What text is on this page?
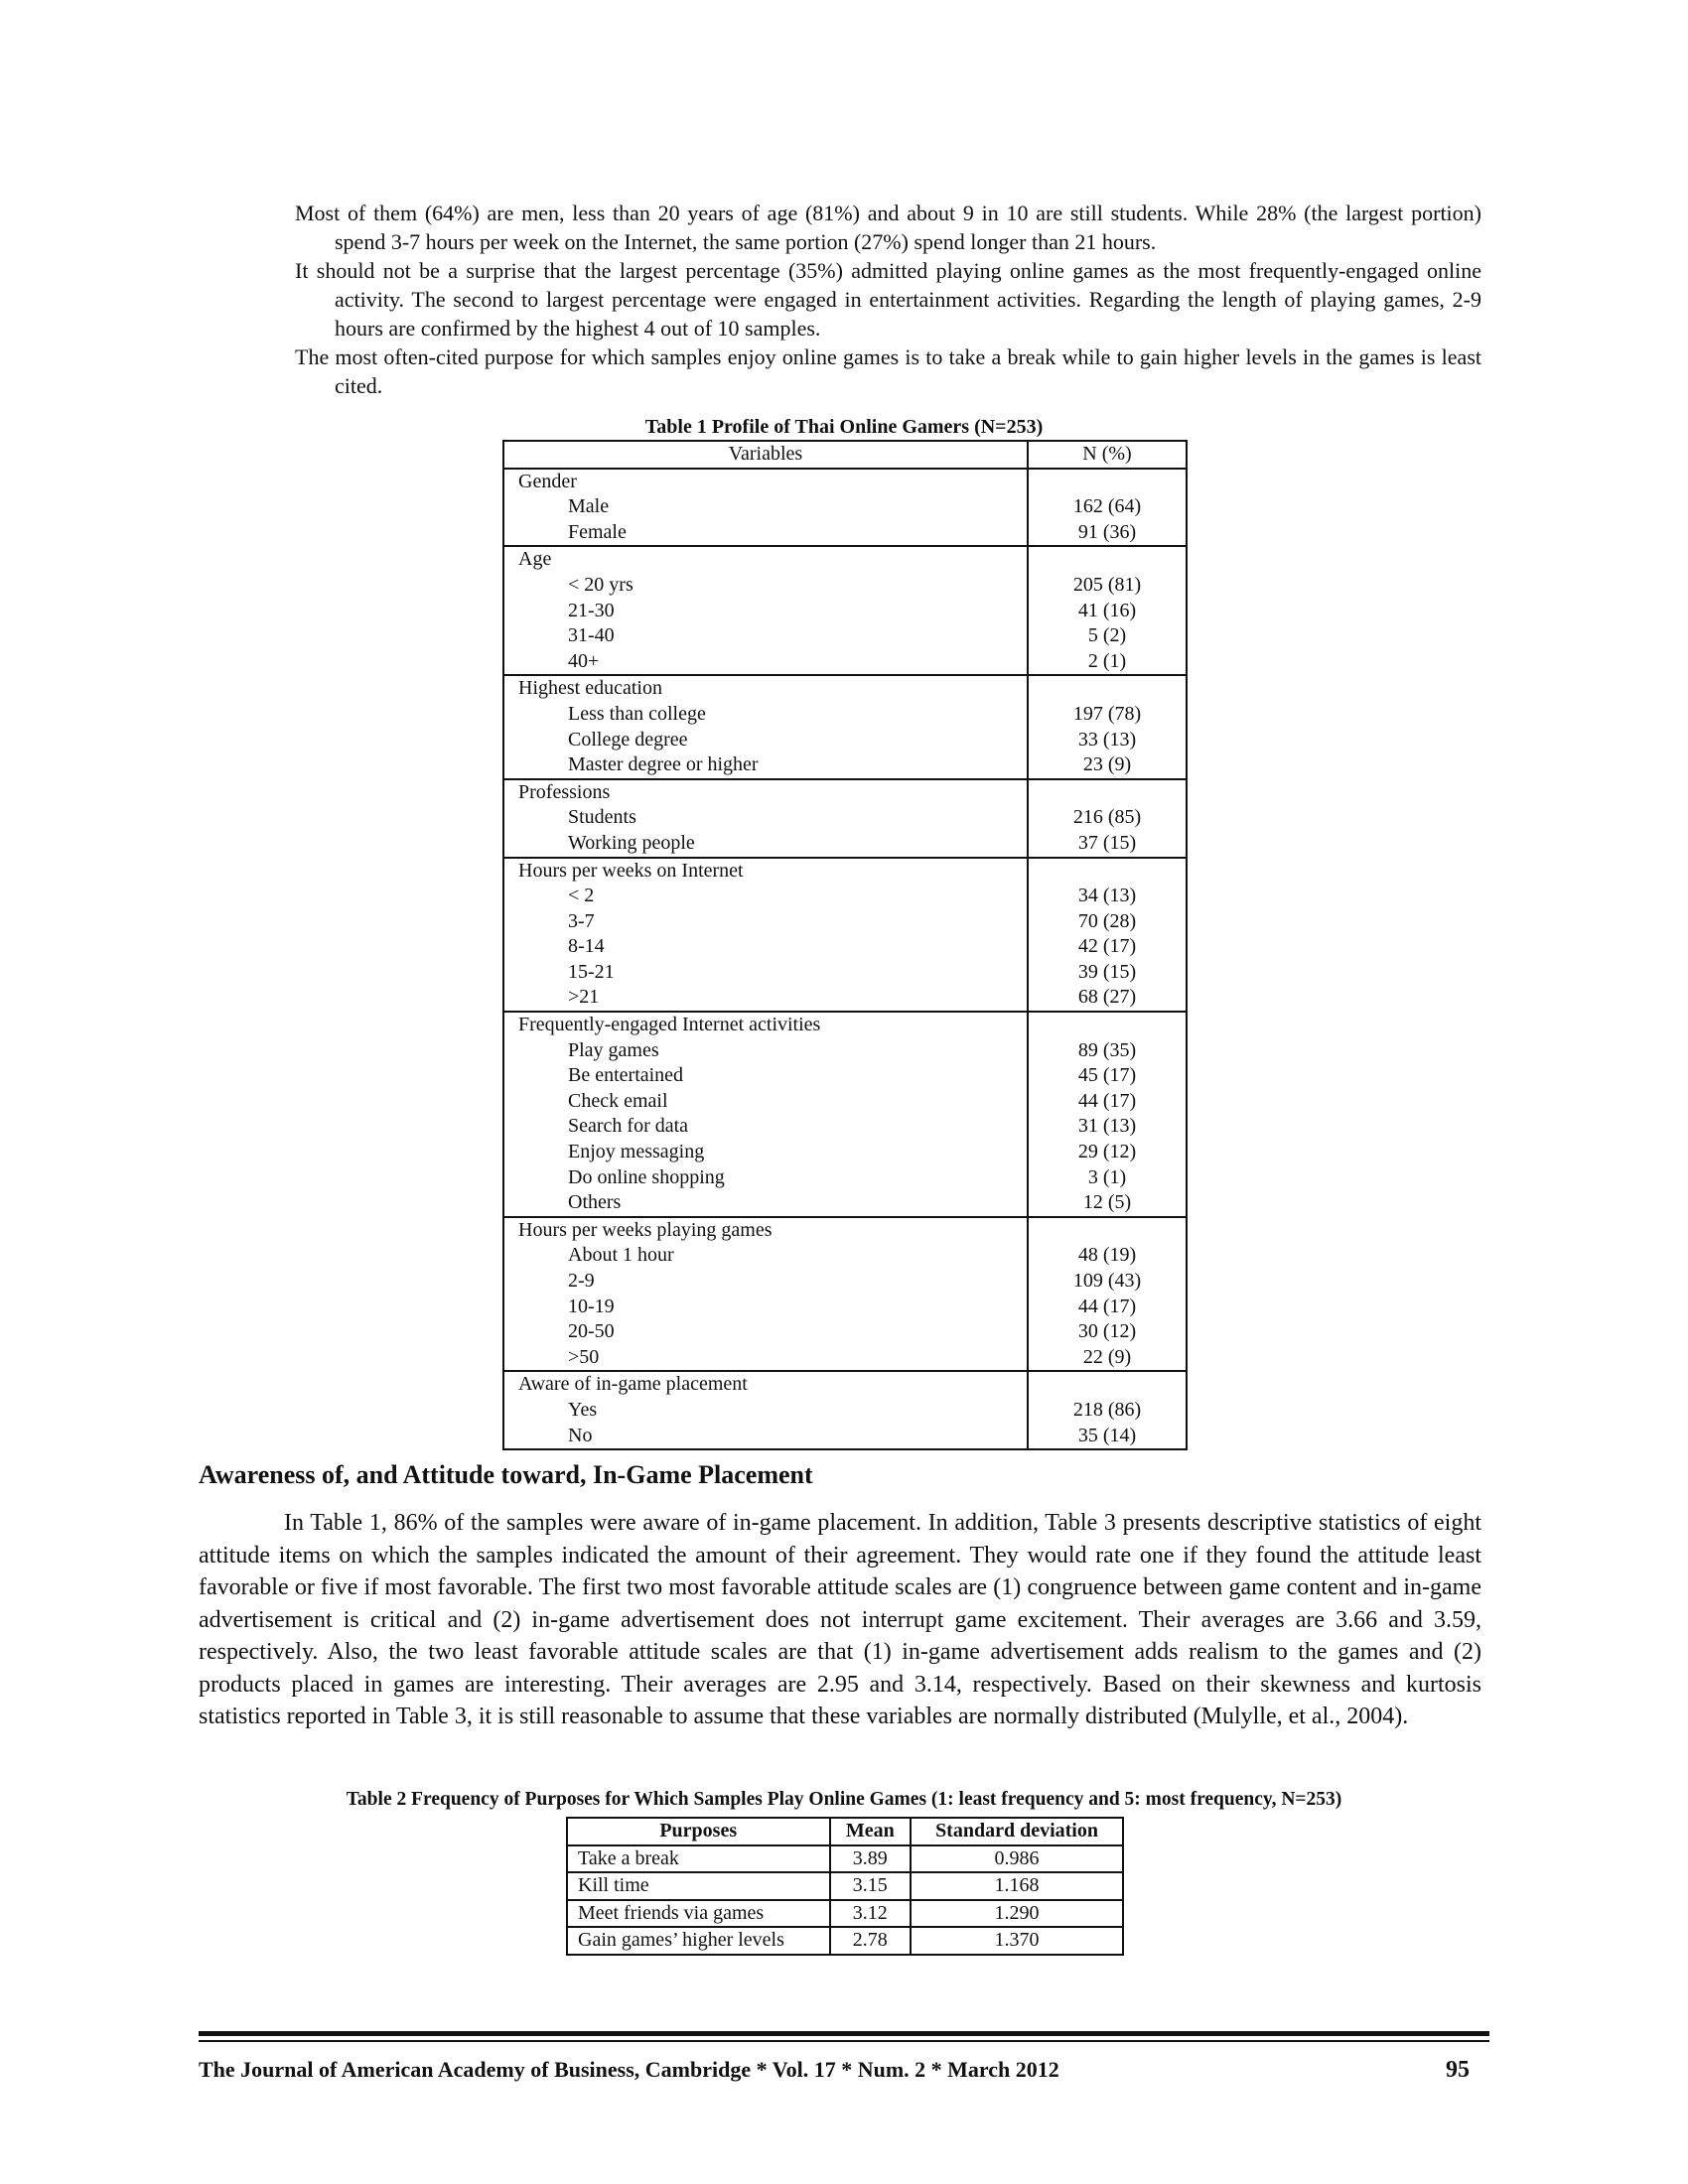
Most of them (64%) are men, less than 20 years of age (81%) and about 9 in 10 are still students. While 28% (the largest portion) spend 3-7 hours per week on the Internet, the same portion (27%) spend longer than 21 hours.

It should not be a surprise that the largest percentage (35%) admitted playing online games as the most frequently-engaged online activity. The second to largest percentage were engaged in entertainment activities. Regarding the length of playing games, 2-9 hours are confirmed by the highest 4 out of 10 samples.

The most often-cited purpose for which samples enjoy online games is to take a break while to gain higher levels in the games is least cited.

Table 1 Profile of Thai Online Gamers (N=253)
Variables	N (%)
Gender	
Male	162 (64)
Female	91 (36)
Age	
< 20 yrs	205 (81)
21-30	41 (16)
31-40	5 (2)
40+	2 (1)
Highest education	
Less than college	197 (78)
College degree	33 (13)
Master degree or higher	23 (9)
Professions	
Students	216 (85)
Working people	37 (15)
Hours per weeks on Internet	
< 2	34 (13)
3-7	70 (28)
8-14	42 (17)
15-21	39 (15)
>21	68 (27)
Frequently-engaged Internet activities	
Play games	89 (35)
Be entertained	45 (17)
Check email	44 (17)
Search for data	31 (13)
Enjoy messaging	29 (12)
Do online shopping	3 (1)
Others	12 (5)
Hours per weeks playing games	
About 1 hour	48 (19)
2-9	109 (43)
10-19	44 (17)
20-50	30 (12)
>50	22 (9)
Aware of in-game placement	
Yes	218 (86)
No	35 (14)
Awareness of, and Attitude toward, In-Game Placement

In Table 1, 86% of the samples were aware of in-game placement. In addition, Table 3 presents descriptive statistics of eight attitude items on which the samples indicated the amount of their agreement. They would rate one if they found the attitude least favorable or five if most favorable. The first two most favorable attitude scales are (1) congruence between game content and in-game advertisement is critical and (2) in-game advertisement does not interrupt game excitement. Their averages are 3.66 and 3.59, respectively. Also, the two least favorable attitude scales are that (1) in-game advertisement adds realism to the games and (2) products placed in games are interesting. Their averages are 2.95 and 3.14, respectively. Based on their skewness and kurtosis statistics reported in Table 3, it is still reasonable to assume that these variables are normally distributed (Mulylle, et al., 2004).

Table 2 Frequency of Purposes for Which Samples Play Online Games (1: least frequency and 5: most frequency, N=253)
Purposes	Mean	Standard deviation
Take a break	3.89	0.986
Kill time	3.15	1.168
Meet friends via games	3.12	1.290
Gain games’ higher levels	2.78	1.370
The Journal of American Academy of Business, Cambridge * Vol. 17 * Num. 2 * March 2012	95
